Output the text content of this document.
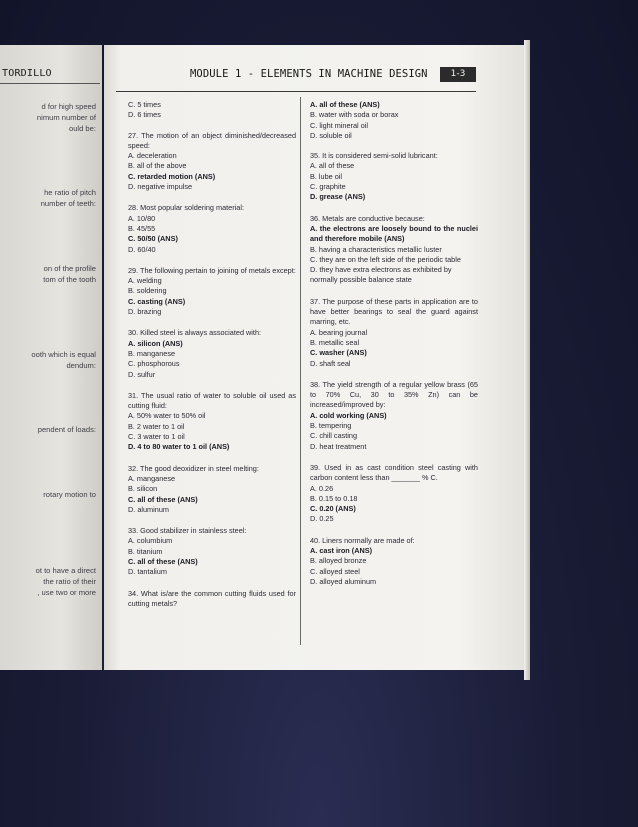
TORDILLO
d for high speed
nimum number of
ould be:
he ratio of pitch
number of teeth:
on of the profile
tom of the tooth
ooth which is equal
dendum:
pendent of loads:
rotary motion to
ot to have a direct
the ratio of their
, use two or more
MODULE 1 - ELEMENTS IN MACHINE DESIGN	1-3
C. 5 times
D. 6 times
27. The motion of an object diminished/decreased speed:
A. deceleration
B. all of the above
C. retarded motion (ANS)
D. negative impulse
28. Most popular soldering material:
A. 10/80
B. 45/55
C. 50/50 (ANS)
D. 60/40
29. The following pertain to joining of metals except:
A. welding
B. soldering
C. casting (ANS)
D. brazing
30. Killed steel is always associated with:
A. silicon (ANS)
B. manganese
C. phosphorous
D. sulfur
31. The usual ratio of water to soluble oil used as cutting fluid:
A. 50% water to 50% oil
B. 2 water to 1 oil
C. 3 water to 1 oil
D. 4 to 80 water to 1 oil (ANS)
32. The good deoxidizer in steel melting:
A. manganese
B. silicon
C. all of these (ANS)
D. aluminum
33. Good stabilizer in stainless steel:
A. columbium
B. titanium
C. all of these (ANS)
D. tantalium
34. What is/are the common cutting fluids used for cutting metals?
A. all of these (ANS)
B. water with soda or borax
C. light mineral oil
D. soluble oil
35. It is considered semi-solid lubricant:
A. all of these
B. lube oil
C. graphite
D. grease (ANS)
36. Metals are conductive because:
A. the electrons are loosely bound to the nuclei and therefore mobile (ANS)
B. having a characteristics metallic luster
C. they are on the left side of the periodic table
D. they have extra electrons as exhibited by normally possible balance state
37. The purpose of these parts in application are to have better bearings to seal the guard against marring, etc.
A. bearing journal
B. metallic seal
C. washer (ANS)
D. shaft seal
38. The yield strength of a regular yellow brass (65 to 70% Cu, 30 to 35% Zn) can be increased/improved by:
A. cold working (ANS)
B. tempering
C. chill casting
D. heat treatment
39. Used in as cast condition steel casting with carbon content less than _______ % C.
A. 0.26
B. 0.15 to 0.18
C. 0.20 (ANS)
D. 0.25
40. Liners normally are made of:
A. cast iron (ANS)
B. alloyed bronze
C. alloyed steel
D. alloyed aluminum
